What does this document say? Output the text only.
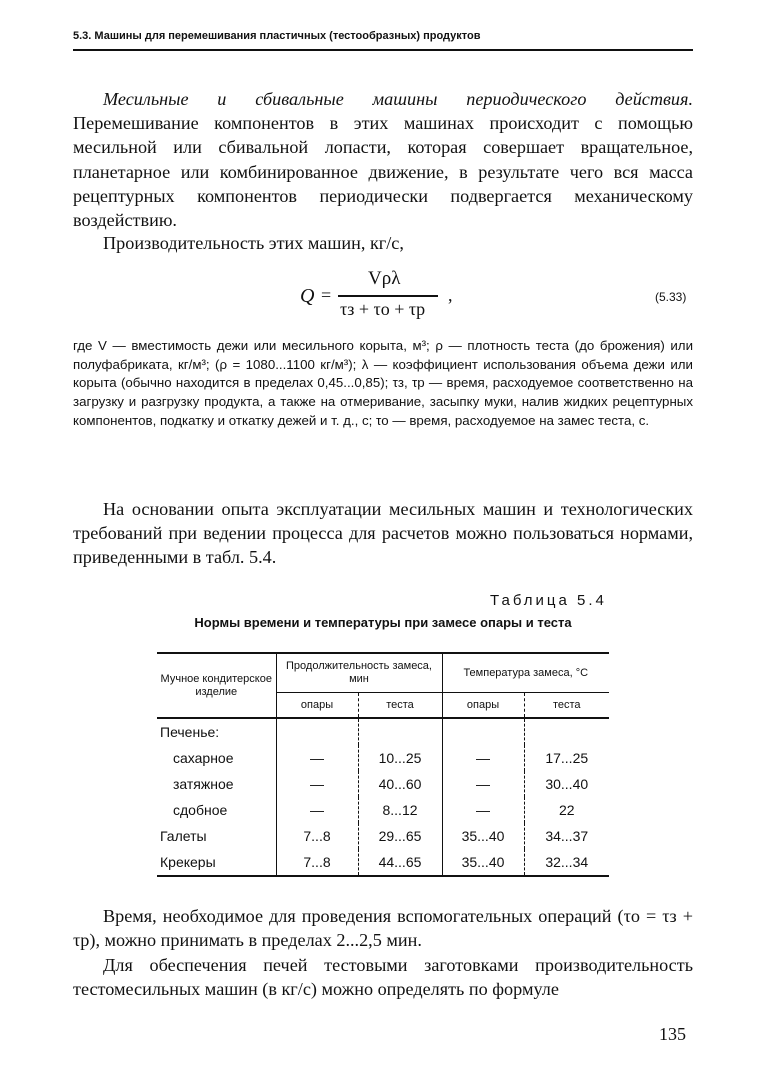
5.3. Машины для перемешивания пластичных (тестообразных) продуктов

Месильные и сбивальные машины периодического действия. Перемешивание компонентов в этих машинах происходит с помощью месильной или сбивальной лопасти, которая совершает вращательное, планетарное или комбинированное движение, в результате чего вся масса рецептурных компонентов периодически подвергается механическому воздействию.

Производительность этих машин, кг/с,

Q =
Vρλ
τз + τо + τр
,	(5.33)

где V — вместимость дежи или месильного корыта, м³; ρ — плотность теста (до брожения) или полуфабриката, кг/м³; (ρ = 1080...1100 кг/м³); λ — коэффициент использования объема дежи или корыта (обычно находится в пределах 0,45...0,85); τз, τр — время, расходуемое соответственно на загрузку и разгрузку продукта, а также на отмеривание, засыпку муки, налив жидких рецептурных компонентов, подкатку и откатку дежей и т. д., с; τо — время, расходуемое на замес теста, с.

На основании опыта эксплуатации месильных машин и технологических требований при ведении процесса для расчетов можно пользоваться нормами, приведенными в табл. 5.4.

Таблица 5.4
Нормы времени и температуры при замесе опары и теста
Мучное кондитерское изделие	Продолжительность замеса, мин		Температура замеса, °С	
	опары	теста	опары	теста
Печенье:				
сахарное	—	10...25	—	17...25
затяжное	—	40...60	—	30...40
сдобное	—	8...12	—	22
Галеты	7...8	29...65	35...40	34...37
Крекеры	7...8	44...65	35...40	32...34

Время, необходимое для проведения вспомогательных операций (τо = τз + τр), можно принимать в пределах 2...2,5 мин.

Для обеспечения печей тестовыми заготовками производительность тестомесильных машин (в кг/с) можно определять по формуле

135
